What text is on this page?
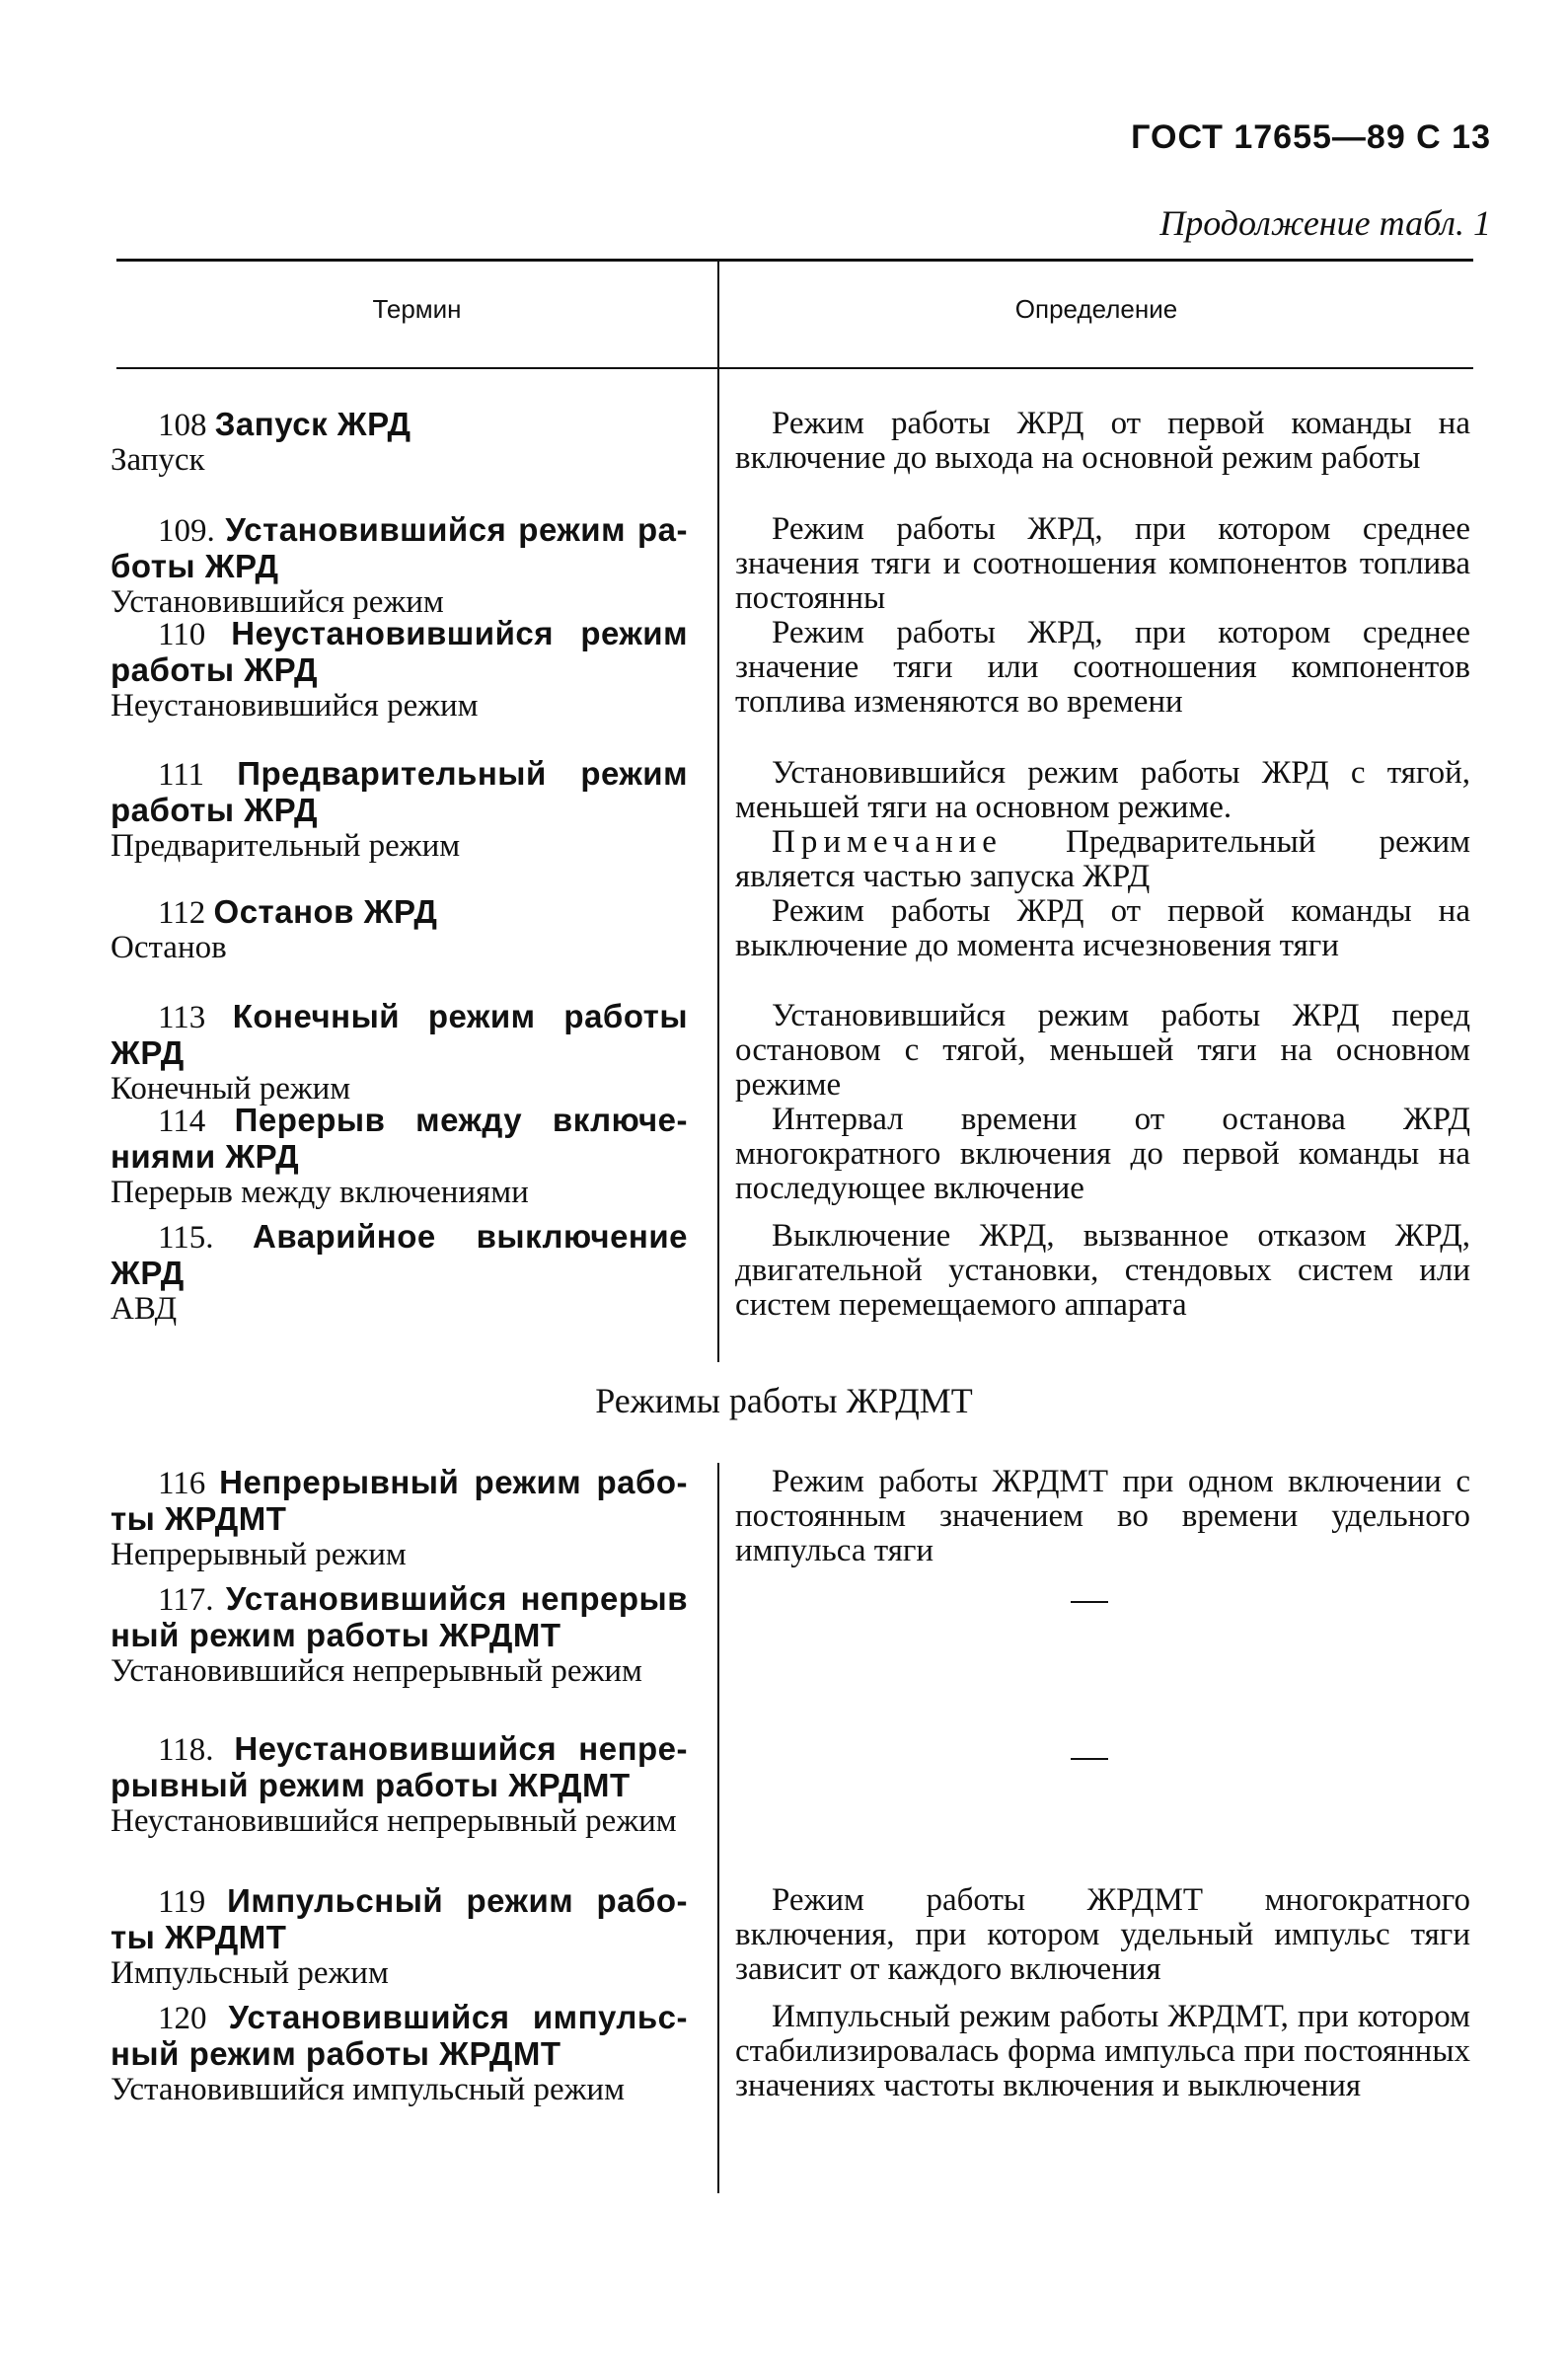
ГОСТ 17655—89 С 13
Продолжение табл. 1
Термин	Определение
108 Запуск ЖРД
Запуск

Режим работы ЖРД от первой команды на включение до выхода на основной режим работы

109. Установившийся режим ра-
боты ЖРД
Установившийся режим

Режим работы ЖРД, при котором среднее значения тяги и соотношения компонентов топлива постоянны

110 Неустановившийся режим
работы ЖРД
Неустановившийся режим

Режим работы ЖРД, при котором среднее значение тяги или соотношения компонентов топлива изменяются во времени

111 Предварительный режим
работы ЖРД
Предварительный режим

Установившийся режим работы ЖРД с тягой, меньшей тяги на основном режиме.

Примечание Предварительный режим является частью запуска ЖРД

112 Останов ЖРД
Останов

Режим работы ЖРД от первой команды на выключение до момента исчезновения тяги

113 Конечный режим работы
ЖРД
Конечный режим

Установившийся режим работы ЖРД перед остановом с тягой, меньшей тяги на основном режиме

114 Перерыв между включе-
ниями ЖРД
Перерыв между включениями

Интервал времени от останова ЖРД многократного включения до первой команды на последующее включение

115. Аварийное выключение
ЖРД
АВД

Выключение ЖРД, вызванное отказом ЖРД, двигательной установки, стендовых систем или систем перемещаемого аппарата

Режимы работы ЖРДМТ
116 Непрерывный режим рабо-
ты ЖРДМТ
Непрерывный режим

Режим работы ЖРДМТ при одном включении с постоянным значением во времени удельного импульса тяги

117. Установившийся непрерыв
ный режим работы ЖРДМТ
Установившийся непрерывный режим
118. Неустановившийся непре-
рывный режим работы ЖРДМТ
Неустановившийся непрерывный режим
119 Импульсный режим рабо-
ты ЖРДМТ
Импульсный режим

Режим работы ЖРДМТ многократного включения, при котором удельный импульс тяги зависит от каждого включения

120 Установившийся импульс-
ный режим работы ЖРДМТ
Установившийся импульсный режим

Импульсный режим работы ЖРДМТ, при котором стабилизировалась форма импульса при постоянных значениях частоты включения и выключения
